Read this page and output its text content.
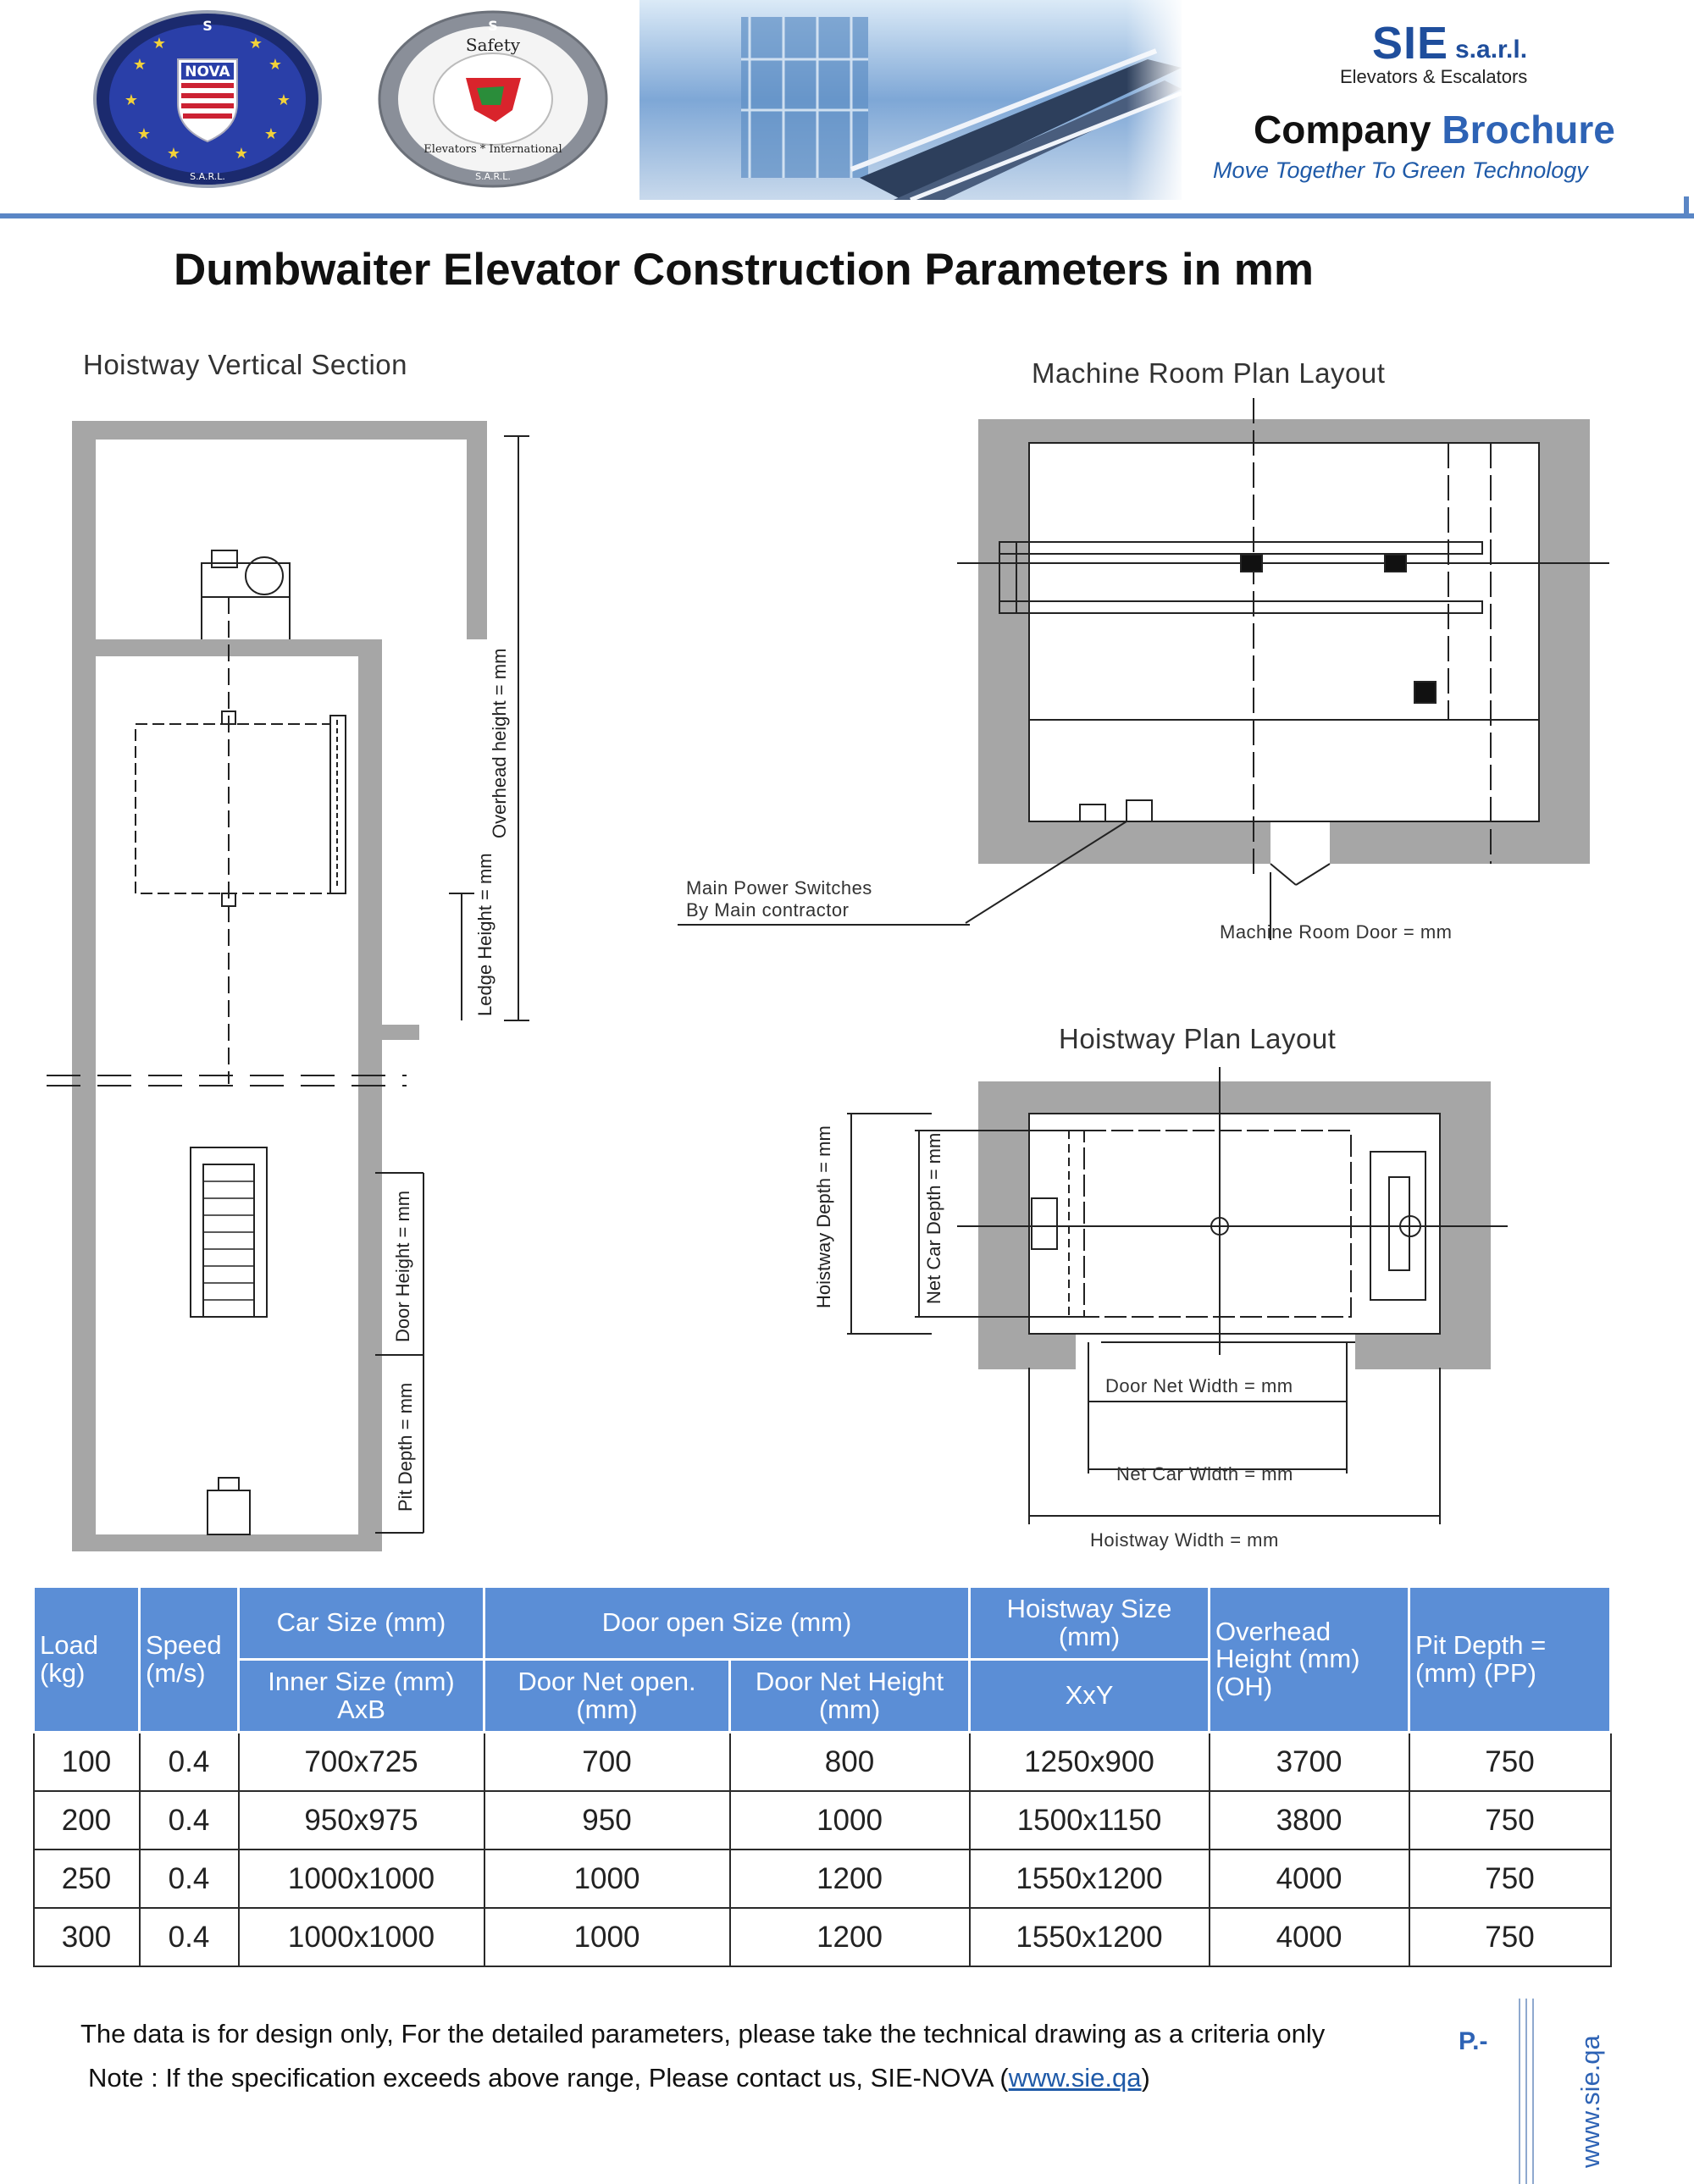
★
★	★
★
★	★
★	★
★	★
NOVA
S.A.R.L.
S
Safety
Elevators * International
S.A.R.L.
S	SIE s.a.r.l.
Elevators & Escalators
Company Brochure
Move Together To Green Technology
Dumbwaiter Elevator Construction Parameters in mm
Hoistway Vertical Section	Machine Room Plan Layout
Hoistway Plan Layout
Overhead height = mm
Ledge Height = mm
Door Height = mm
Pit Depth = mm
Main Power Switches
By Main contractor
Machine Room Door = mm
Hoistway Depth = mm	Net Car Depth = mm
Door Net Width = mm
Net Car Width = mm
Hoistway Width = mm
Load (kg)	Speed (m/s)	Car Size (mm)	Door open Size (mm)		Hoistway Size (mm)	Overhead Height (mm) (OH)	Pit Depth = (mm) (PP)
		Inner Size (mm) AxB	Door Net open. (mm)	Door Net Height (mm)	XxY		
100	0.4	700x725	700	800	1250x900	3700	750
200	0.4	950x975	950	1000	1500x1150	3800	750
250	0.4	1000x1000	1000	1200	1550x1200	4000	750
300	0.4	1000x1000	1000	1200	1550x1200	4000	750
The data is for design only, For the detailed parameters, please take the technical drawing as a criteria only
Note : If the specification exceeds above range, Please contact us, SIE-NOVA (www.sie.qa)
P.-	www.sie.qa
